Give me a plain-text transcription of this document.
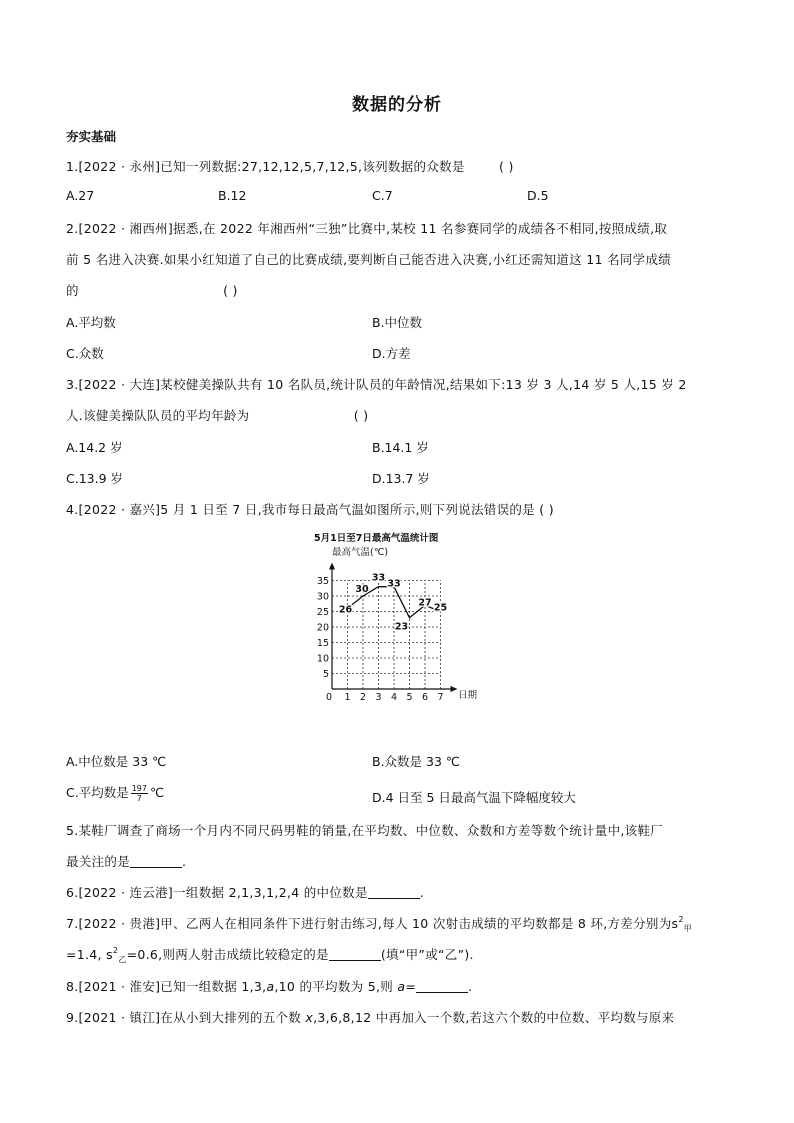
数据的分析
夯实基础
1.[2022 · 永州]已知一列数据:27,12,12,5,7,12,5,该列数据的众数是	( )
A.27	B.12	C.7	D.5
2.[2022 · 湘西州]据悉,在 2022 年湘西州“三独”比赛中,某校 11 名参赛同学的成绩各不相同,按照成绩,取
前 5 名进入决赛.如果小红知道了自己的比赛成绩,要判断自己能否进入决赛,小红还需知道这 11 名同学成绩
的	( )
A.平均数	B.中位数
C.众数	D.方差
3.[2022 · 大连]某校健美操队共有 10 名队员,统计队员的年龄情况,结果如下:13 岁 3 人,14 岁 5 人,15 岁 2
人.该健美操队队员的平均年龄为	( )
A.14.2 岁	B.14.1 岁
C.13.9 岁	D.13.7 岁
4.[2022 · 嘉兴]5 月 1 日至 7 日,我市每日最高气温如图所示,则下列说法错误的是 ( )
5月1日至7日最高气温统计图
最高气温(℃)
5
10
15
20
25
30
35
0 1 2 3 4 5 6 7 日期
26
30
33
33
23
27 25
A.中位数是 33 ℃	B.众数是 33 ℃
C.平均数是 $\frac{197}{7}$ ℃	D.4 日至 5 日最高气温下降幅度较大
5.某鞋厂调查了商场一个月内不同尺码男鞋的销量,在平均数、中位数、众数和方差等数个统计量中,该鞋厂
最关注的是	.
6.[2022 · 连云港]一组数据 2,1,3,1,2,4 的中位数是	.
7.[2022 · 贵港]甲、乙两人在相同条件下进行射击练习,每人 10 次射击成绩的平均数都是 8 环,方差分别为$s^2_甲$
=1.4, $s^2_乙=0.6$,则两人射击成绩比较稳定的是	(填“甲”或“乙”).
8.[2021 · 淮安]已知一组数据 1,3,a,10 的平均数为 5,则 a=	.
9.[2021 · 镇江]在从小到大排列的五个数 x,3,6,8,12 中再加入一个数,若这六个数的中位数、平均数与原来
